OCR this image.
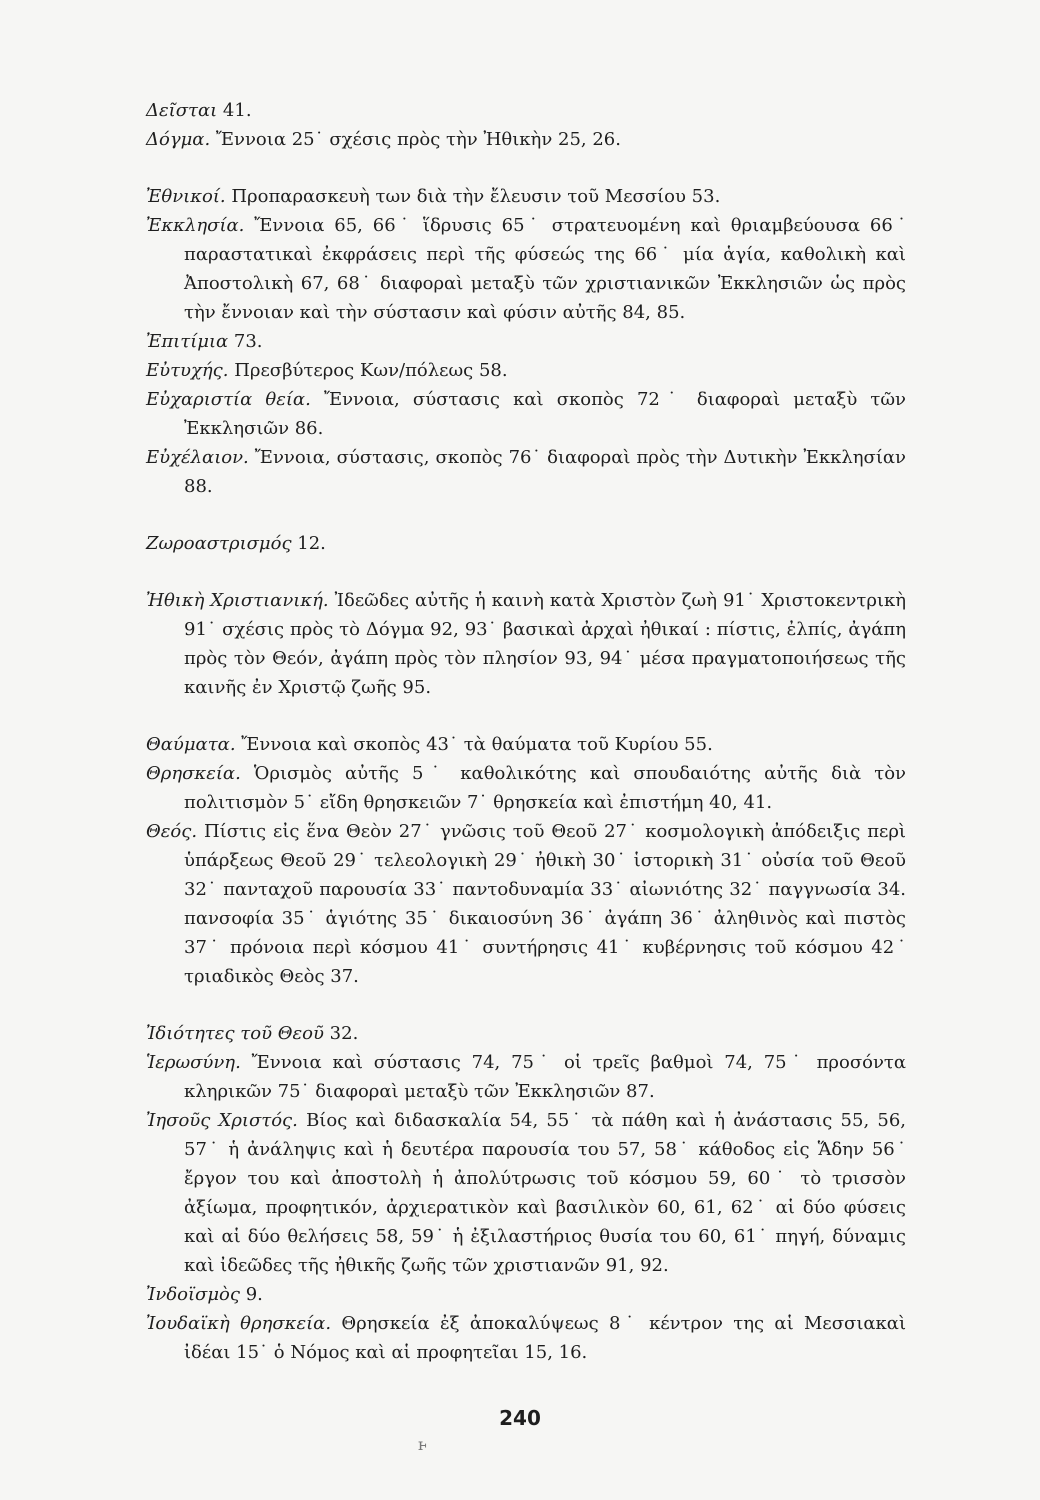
Δεῖσται 41.
Δόγμα. Ἔννοια 25˙ σχέσις πρὸς τὴν Ἠθικὴν 25, 26.
Ἐθνικοί. Προπαρασκευὴ των διὰ τὴν ἔλευσιν τοῦ Μεσσίου 53.
Ἐκκλησία. Ἔννοια 65, 66˙ ἵδρυσις 65˙ στρατευομένη καὶ θριαμβεύουσα 66˙ παραστατικαὶ ἐκφράσεις περὶ τῆς φύσεώς της 66˙ μία ἁγία, καθολικὴ καὶ Ἀποστολικὴ 67, 68˙ διαφοραὶ μεταξὺ τῶν χριστιανικῶν Ἐκκλησιῶν ὡς πρὸς τὴν ἔννοιαν καὶ τὴν σύστασιν καὶ φύσιν αὐτῆς 84, 85.
Ἐπιτίμια 73.
Εὐτυχής. Πρεσβύτερος Κων/πόλεως 58.
Εὐχαριστία θεία. Ἔννοια, σύστασις καὶ σκοπὸς 72˙ διαφοραὶ μεταξὺ τῶν Ἐκκλησιῶν 86.
Εὐχέλαιον. Ἔννοια, σύστασις, σκοπὸς 76˙ διαφοραὶ πρὸς τὴν Δυτικὴν Ἐκκλησίαν 88.
Ζωροαστρισμός 12.
Ἠθικὴ Χριστιανική. Ἰδεῶδες αὐτῆς ἡ καινὴ κατὰ Χριστὸν ζωὴ 91˙ Χριστοκεντρικὴ 91˙ σχέσις πρὸς τὸ Δόγμα 92, 93˙ βασικαὶ ἀρχαὶ ἠθικαί : πίστις, ἐλπίς, ἀγάπη πρὸς τὸν Θεόν, ἀγάπη πρὸς τὸν πλησίον 93, 94˙ μέσα πραγματοποιήσεως τῆς καινῆς ἐν Χριστῷ ζωῆς 95.
Θαύματα. Ἔννοια καὶ σκοπὸς 43˙ τὰ θαύματα τοῦ Κυρίου 55.
Θρησκεία. Ὁρισμὸς αὐτῆς 5˙ καθολικότης καὶ σπουδαιότης αὐτῆς διὰ τὸν πολιτισμὸν 5˙ εἴδη θρησκειῶν 7˙ θρησκεία καὶ ἐπιστήμη 40, 41.
Θεός. Πίστις εἰς ἕνα Θεὸν 27˙ γνῶσις τοῦ Θεοῦ 27˙ κοσμολογικὴ ἀπόδειξις περὶ ὑπάρξεως Θεοῦ 29˙ τελεολογικὴ 29˙ ἠθικὴ 30˙ ἱστορικὴ 31˙ οὐσία τοῦ Θεοῦ 32˙ πανταχοῦ παρουσία 33˙ παντοδυναμία 33˙ αἰωνιότης 32˙ παγγνωσία 34. πανσοφία 35˙ ἁγιότης 35˙ δικαιοσύνη 36˙ ἀγάπη 36˙ ἀληθινὸς καὶ πιστὸς 37˙ πρόνοια περὶ κόσμου 41˙ συντήρησις 41˙ κυβέρνησις τοῦ κόσμου 42˙ τριαδικὸς Θεὸς 37.
Ἰδιότητες τοῦ Θεοῦ 32.
Ἱερωσύνη. Ἔννοια καὶ σύστασις 74, 75˙ οἱ τρεῖς βαθμοὶ 74, 75˙ προσόντα κληρικῶν 75˙ διαφοραὶ μεταξὺ τῶν Ἐκκλησιῶν 87.
Ἰησοῦς Χριστός. Βίος καὶ διδασκαλία 54, 55˙ τὰ πάθη καὶ ἡ ἀνάστασις 55, 56, 57˙ ἡ ἀνάληψις καὶ ἡ δευτέρα παρουσία του 57, 58˙ κάθοδος εἰς Ἅδην 56˙ ἔργον του καὶ ἀποστολὴ ἡ ἀπολύτρωσις τοῦ κόσμου 59, 60˙ τὸ τρισσὸν ἀξίωμα, προφητικόν, ἀρχιερατικὸν καὶ βασιλικὸν 60, 61, 62˙ αἱ δύο φύσεις καὶ αἱ δύο θελήσεις 58, 59˙ ἡ ἐξιλαστήριος θυσία του 60, 61˙ πηγή, δύναμις καὶ ἰδεῶδες τῆς ἠθικῆς ζωῆς τῶν χριστιανῶν 91, 92.
Ἰνδοϊσμὸς 9.
Ἰουδαϊκὴ θρησκεία. Θρησκεία ἐξ ἀποκαλύψεως 8˙ κέντρον της αἱ Μεσσιακαὶ ἰδέαι 15˙ ὁ Νόμος καὶ αἱ προφητεῖαι 15, 16.
240
ⱶ
